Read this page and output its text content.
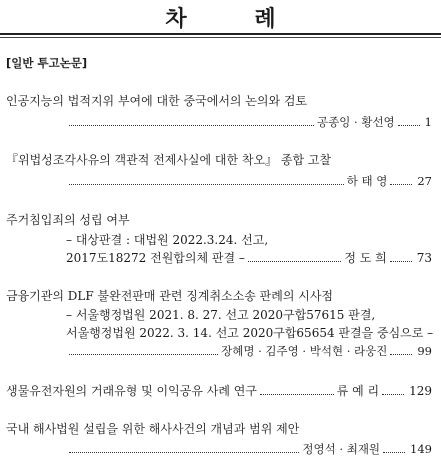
차 례
[일반 투고논문]
인공지능의 법적지위 부여에 대한 중국에서의 논의와 검토
공종잉 · 황선영	1
『위법성조각사유의 객관적 전제사실에 대한 착오』 종합 고찰
하 태 영	27
주거침입죄의 성립 여부
– 대상판결 : 대법원 2022.3.24. 선고,
2017도18272 전원합의체 판결 –	정 도 희	73
금융기관의 DLF 불완전판매 관련 징계취소소송 판례의 시사점
– 서울행정법원 2021. 8. 27. 선고 2020구합57615 판결,
서울행정법원 2022. 3. 14. 선고 2020구합65654 판결을 중심으로 –
장혜명 · 김주영 · 박석현 · 라웅진	99
생물유전자원의 거래유형 및 이익공유 사례 연구	류 예 리	129
국내 해사법원 설립을 위한 해사사건의 개념과 범위 제안
정영석 · 최재원	149
